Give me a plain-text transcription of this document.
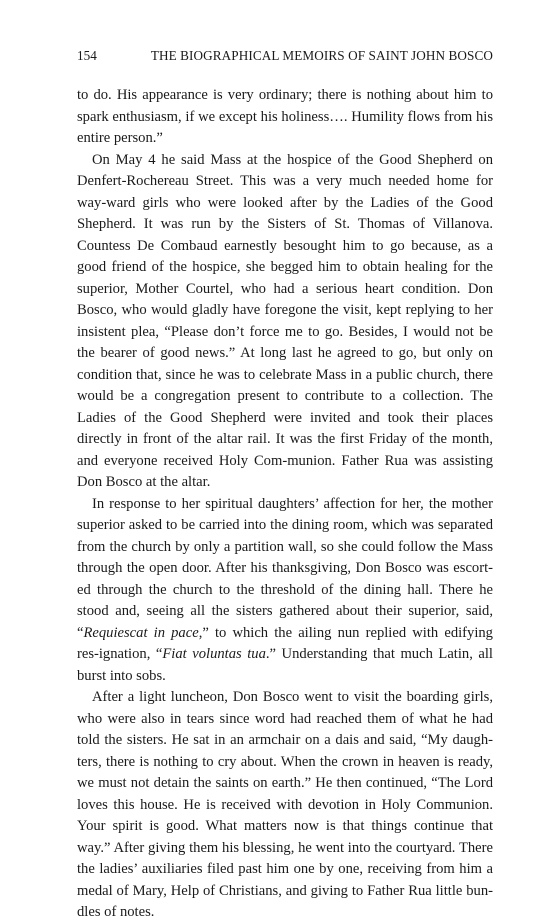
154	THE BIOGRAPHICAL MEMOIRS OF SAINT JOHN BOSCO

to do. His appearance is very ordinary; there is nothing about him to spark enthusiasm, if we except his holiness…. Humility flows from his entire person.”

On May 4 he said Mass at the hospice of the Good Shepherd on Denfert-Rochereau Street. This was a very much needed home for way-ward girls who were looked after by the Ladies of the Good Shepherd. It was run by the Sisters of St. Thomas of Villanova. Countess De Combaud earnestly besought him to go because, as a good friend of the hospice, she begged him to obtain healing for the superior, Mother Courtel, who had a serious heart condition. Don Bosco, who would gladly have foregone the visit, kept replying to her insistent plea, “Please don’t force me to go. Besides, I would not be the bearer of good news.” At long last he agreed to go, but only on condition that, since he was to celebrate Mass in a public church, there would be a congregation present to contribute to a collection. The Ladies of the Good Shepherd were invited and took their places directly in front of the altar rail. It was the first Friday of the month, and everyone received Holy Com-munion. Father Rua was assisting Don Bosco at the altar.

In response to her spiritual daughters’ affection for her, the mother superior asked to be carried into the dining room, which was separated from the church by only a partition wall, so she could follow the Mass through the open door. After his thanksgiving, Don Bosco was escort-ed through the church to the threshold of the dining hall. There he stood and, seeing all the sisters gathered about their superior, said, “Requiescat in pace,” to which the ailing nun replied with edifying res-ignation, “Fiat voluntas tua.” Understanding that much Latin, all burst into sobs.

After a light luncheon, Don Bosco went to visit the boarding girls, who were also in tears since word had reached them of what he had told the sisters. He sat in an armchair on a dais and said, “My daugh-ters, there is nothing to cry about. When the crown in heaven is ready, we must not detain the saints on earth.” He then continued, “The Lord loves this house. He is received with devotion in Holy Communion. Your spirit is good. What matters now is that things continue that way.” After giving them his blessing, he went into the courtyard. There the ladies’ auxiliaries filed past him one by one, receiving from him a medal of Mary, Help of Christians, and giving to Father Rua little bun-dles of notes.
